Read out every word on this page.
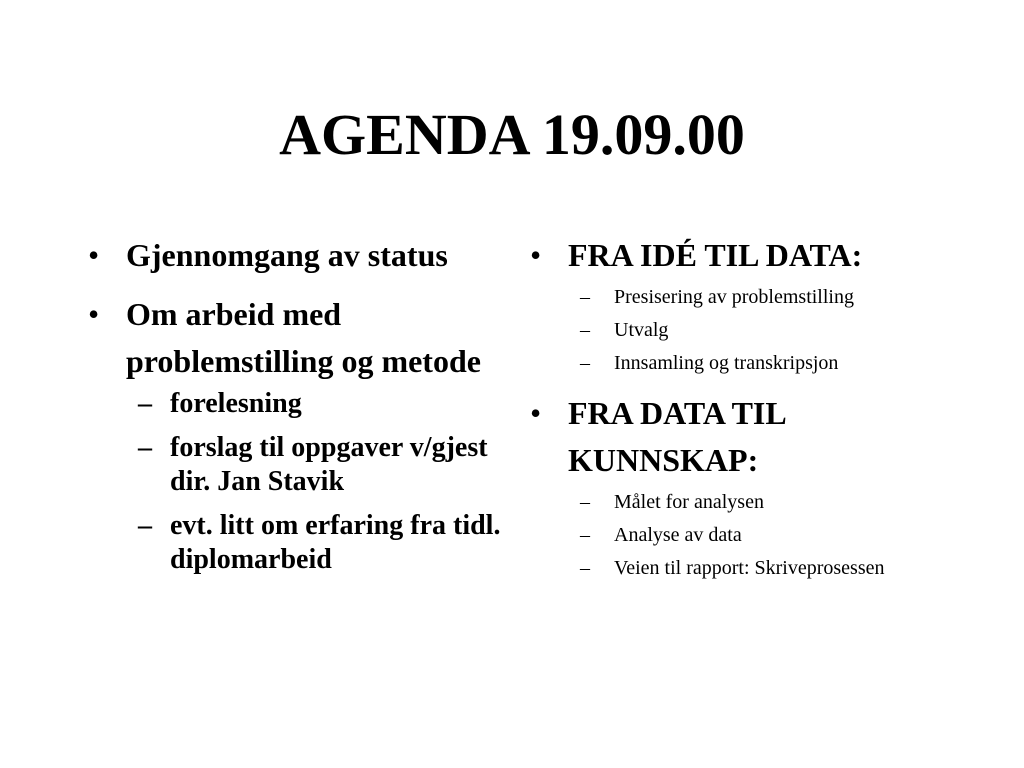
AGENDA 19.09.00
• Gjennomgang av status
• Om arbeid med problemstilling og metode
– forelesning
– forslag til oppgaver v/gjest dir. Jan Stavik
– evt. litt om erfaring fra tidl. diplomarbeid
• FRA IDÉ TIL DATA:
– Presisering av problemstilling
– Utvalg
– Innsamling og transkripsjon
• FRA DATA TIL KUNNSKAP:
– Målet for analysen
– Analyse av data
– Veien til rapport: Skriveprosessen
